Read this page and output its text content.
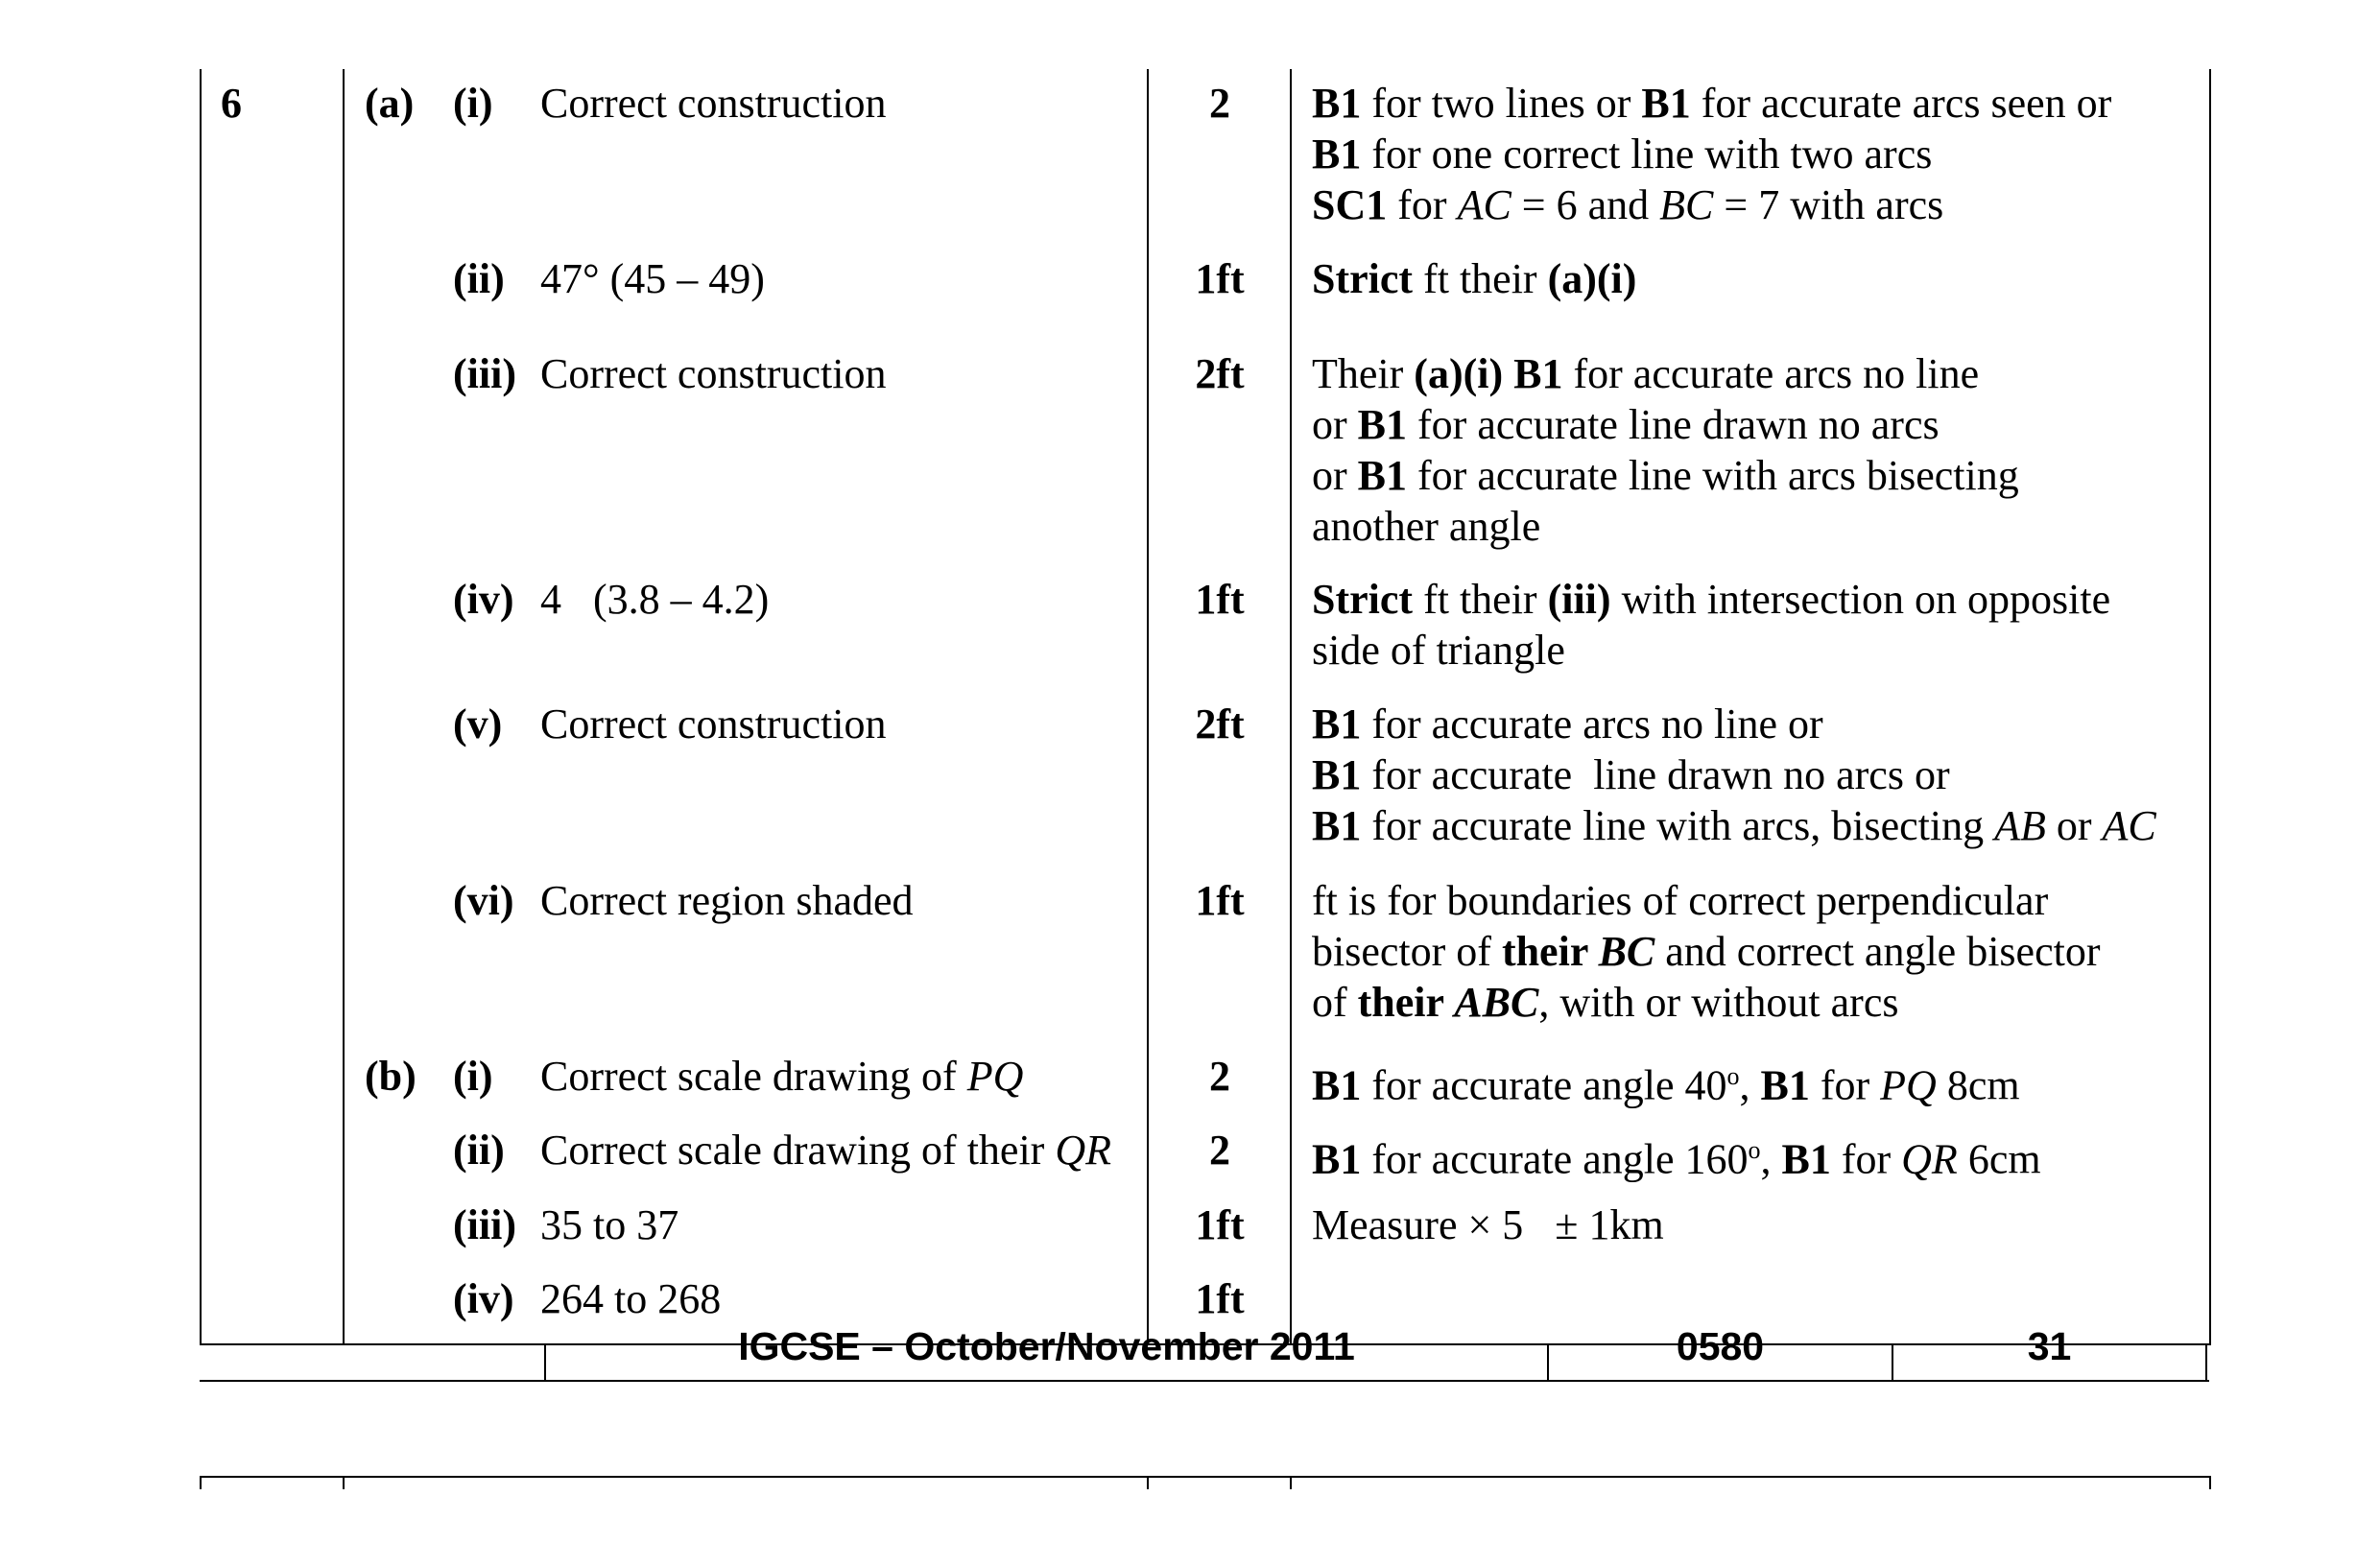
IGCSE – October/November 2011	0580	31
6	(a) (i) Correct construction	2	B1 for two lines or B1 for accurate arcs seen or
B1 for one correct line with two arcs
SC1 for AC = 6 and BC = 7 with arcs
(ii) 47° (45 – 49)	1ft	Strict ft their (a)(i)
(iii) Correct construction	2ft	Their (a)(i) B1 for accurate arcs no line
or B1 for accurate line drawn no arcs
or B1 for accurate line with arcs bisecting
another angle
(iv) 4   (3.8 – 4.2)	1ft	Strict ft their (iii) with intersection on opposite
side of triangle
(v) Correct construction	2ft	B1 for accurate arcs no line or
B1 for accurate  line drawn no arcs or
B1 for accurate line with arcs, bisecting AB or AC
(vi) Correct region shaded	1ft	ft is for boundaries of correct perpendicular
bisector of their BC and correct angle bisector
of their ABC, with or without arcs
(b) (i) Correct scale drawing of PQ	2	B1 for accurate angle 40$^o$, B1 for PQ 8cm
(ii) Correct scale drawing of their QR	2	B1 for accurate angle 160$^o$, B1 for QR 6cm
(iii) 35 to 37	1ft	Measure × 5   ± 1km
(iv) 264 to 268	1ft
